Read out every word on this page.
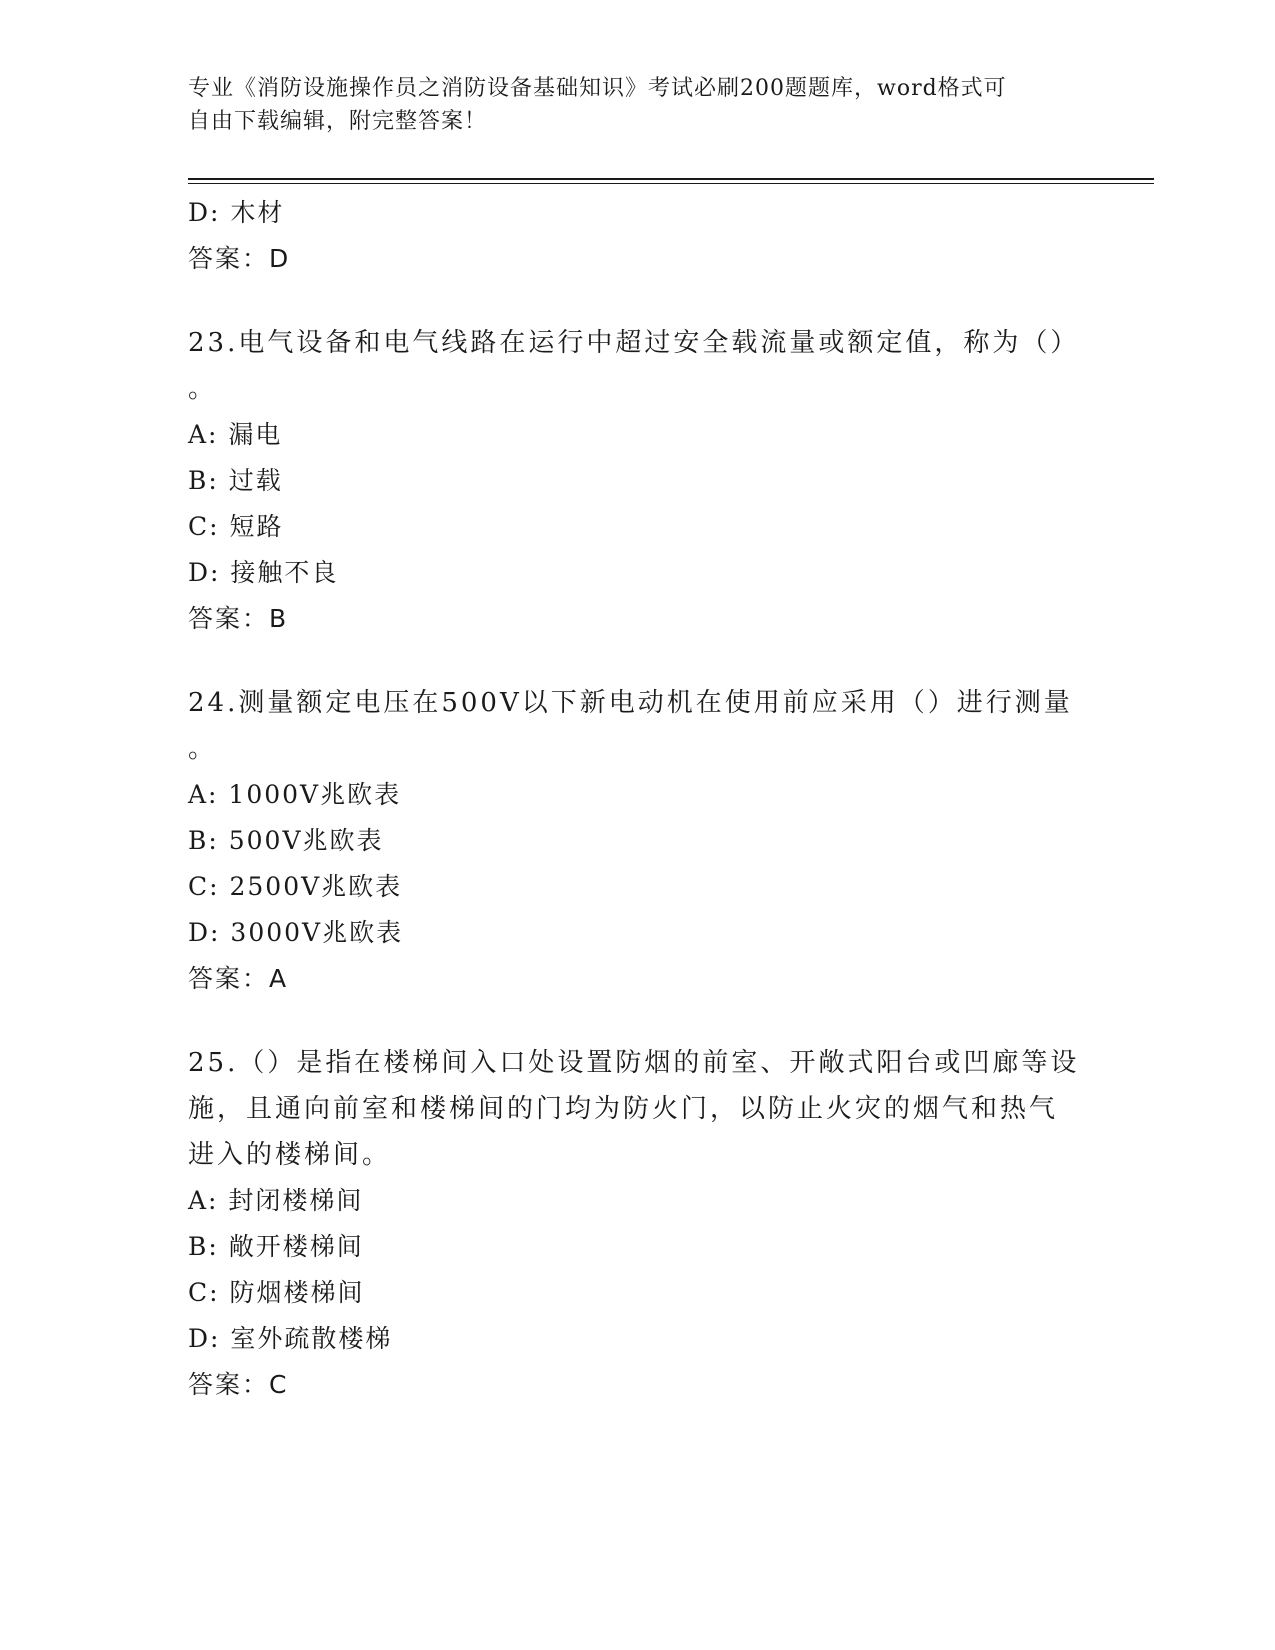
专业《消防设施操作员之消防设备基础知识》考试必刷200题题库，word格式可
自由下载编辑，附完整答案！
D: 木材
答案：D
23.电气设备和电气线路在运行中超过安全载流量或额定值，称为（）
。
A: 漏电
B: 过载
C: 短路
D: 接触不良
答案：B
24.测量额定电压在500V以下新电动机在使用前应采用（）进行测量
。
A: 1000V兆欧表
B: 500V兆欧表
C: 2500V兆欧表
D: 3000V兆欧表
答案：A
25.（）是指在楼梯间入口处设置防烟的前室、开敞式阳台或凹廊等设
施，且通向前室和楼梯间的门均为防火门，以防止火灾的烟气和热气
进入的楼梯间。
A: 封闭楼梯间
B: 敞开楼梯间
C: 防烟楼梯间
D: 室外疏散楼梯
答案：C
